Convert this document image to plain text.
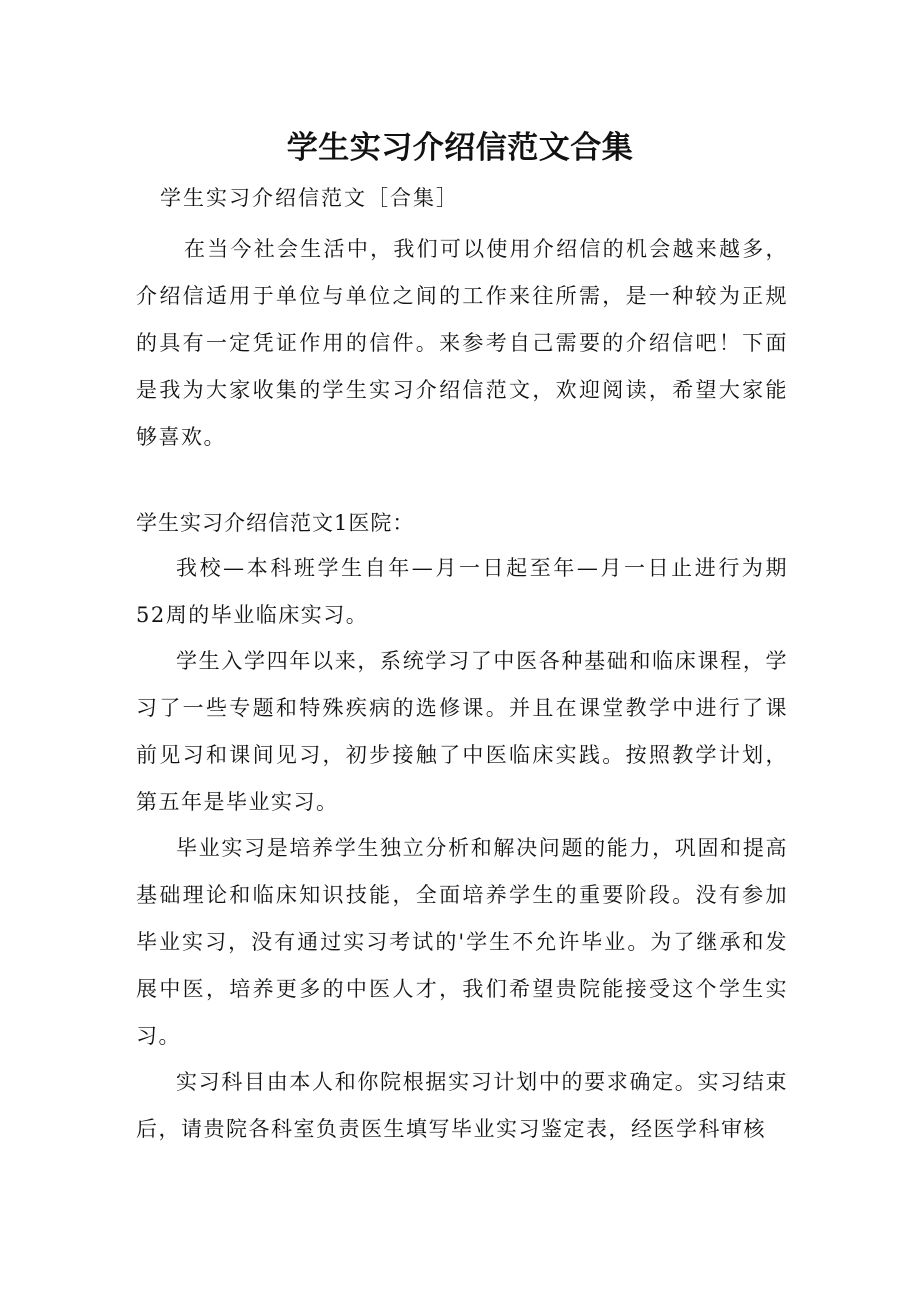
学生实习介绍信范文合集

学生实习介绍信范文［合集］

在当今社会生活中，我们可以使用介绍信的机会越来越多，介绍信适用于单位与单位之间的工作来往所需，是一种较为正规的具有一定凭证作用的信件。来参考自己需要的介绍信吧！下面是我为大家收集的学生实习介绍信范文，欢迎阅读，希望大家能够喜欢。

学生实习介绍信范文1医院：

我校—本科班学生自年—月一日起至年—月一日止进行为期52周的毕业临床实习。

学生入学四年以来，系统学习了中医各种基础和临床课程，学习了一些专题和特殊疾病的选修课。并且在课堂教学中进行了课前见习和课间见习，初步接触了中医临床实践。按照教学计划，第五年是毕业实习。

毕业实习是培养学生独立分析和解决问题的能力，巩固和提高基础理论和临床知识技能，全面培养学生的重要阶段。没有参加毕业实习，没有通过实习考试的'学生不允许毕业。为了继承和发展中医，培养更多的中医人才，我们希望贵院能接受这个学生实习。

实习科目由本人和你院根据实习计划中的要求确定。实习结束后，请贵院各科室负责医生填写毕业实习鉴定表，经医学科审核
